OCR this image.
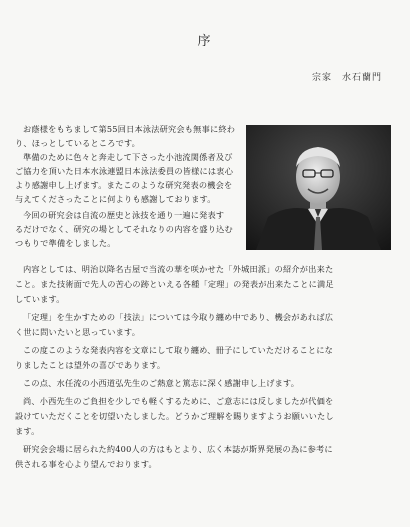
序
宗家　水石蘭門
お蔭様をもちまして第55回日本泳法研究会も無事に終わ
り、ほっとしているところです。
準備のために色々と奔走して下さった小池流関係者及び
ご協力を頂いた日本水泳連盟日本泳法委員の皆様には衷心
より感謝申し上げます。またこのような研究発表の機会を
与えてくださったことに何よりも感謝しております。
今回の研究会は自流の歴史と泳技を通り一遍に発表す
るだけでなく、研究の場としてそれなりの内容を盛り込む
つもりで準備をしました。
内容としては、明治以降名古屋で当流の華を咲かせた「外城田派」の紹介が出来た
こと。また技術面で先人の苦心の跡といえる各種「定理」の発表が出来たことに満足
しています。
「定理」を生かすための「技法」については今取り纏め中であり、機会があれば広
く世に問いたいと思っています。
この度このような発表内容を文章にして取り纏め、冊子にしていただけることにな
りましたことは望外の喜びであります。
この点、水任流の小西道弘先生のご熱意と篤志に深く感謝申し上げます。
尚、小西先生のご負担を少しでも軽くするために、ご意志には反しましたが代価を
設けていただくことを切望いたしました。どうかご理解を賜りますようお願いいたし
ます。
研究会会場に居られた約400人の方はもとより、広く本誌が斯界発展の為に参考に
供される事を心より望んでおります。
